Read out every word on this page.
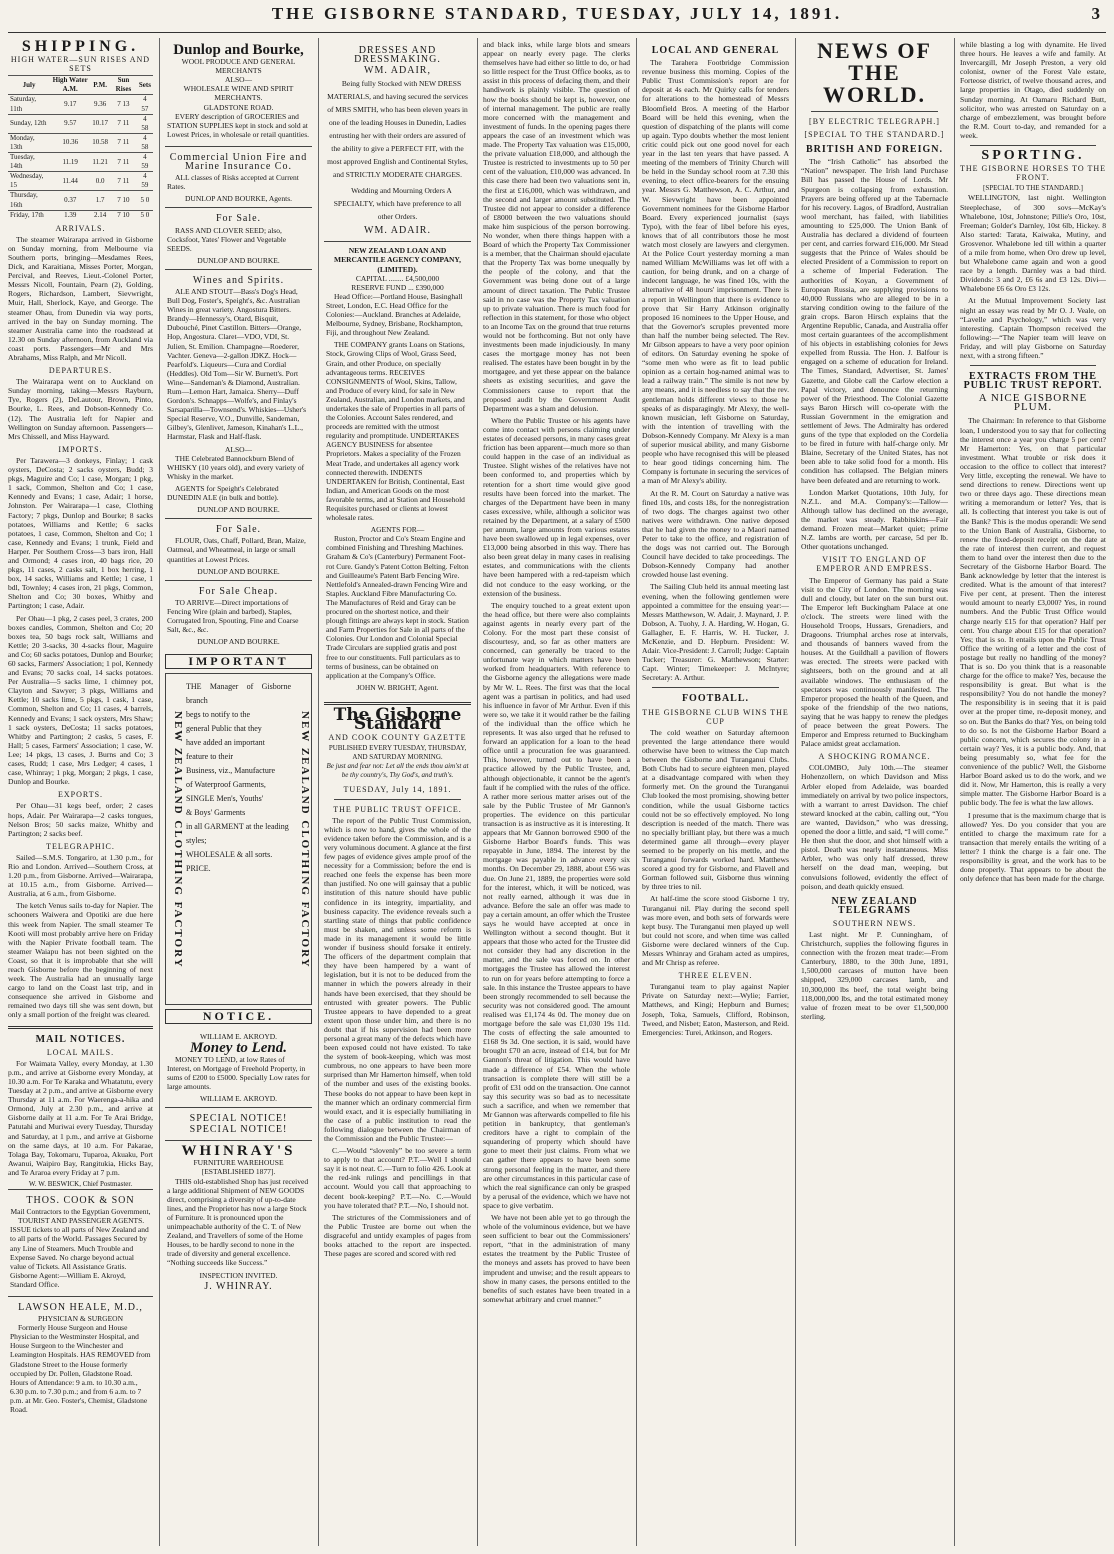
THE GISBORNE STANDARD, TUESDAY, JULY 14, 1891.	3
SHIPPING.
HIGH WATER—SUN RISES AND SETS
July	High Water A.M.	P.M.	Sun Rises	Sets
Saturday, 11th	9.17	9.36	7 13	4 57
Sunday, 12th	9.57	10.17	7 11	4 58
Monday, 13th	10.36	10.58	7 11	4 58
Tuesday, 14th	11.19	11.21	7 11	4 59
Wednesday, 15	11.44	0.0	7 11	4 59
Thursday, 16th	0.37	1.7	7 10	5 0
Friday, 17th	1.39	2.14	7 10	5 0
ARRIVALS.

The steamer Wairarapa arrived in Gisborne on Sunday morning, from Melbourne via Southern ports, bringing—Mesdames Rees, Dick, and Karaitiana, Misses Porter, Morgan, Percival, and Reeves, Lieut.-Colonel Porter, Messrs Nicoll, Fountain, Pearn (2), Golding, Rogers, Richardson, Lambert, Sievwright, Muir, Hall, Sherlock, Kaye, and George. The steamer Ohau, from Dunedin via way ports, arrived in the bay on Sunday morning. The steamer Australia came into the roadstead at 12.30 on Sunday afternoon, from Auckland via coast ports. Passengers—Mr and Mrs Abrahams, Miss Ralph, and Mr Nicoll.

DEPARTURES.

The Wairarapa went on to Auckland on Sunday morning, taking—Messrs Rayburn, Tye, Rogers (2), DeLautour, Brown, Pinto, Bourke, L. Rees, and Dobson-Kennedy Co. (12). The Australia left for Napier and Wellington on Sunday afternoon. Passengers—Mrs Chissell, and Miss Hayward.

IMPORTS.

Per Tarawera—3 donkeys, Finlay; 1 cask oysters, DeCosta; 2 sacks oysters, Budd; 3 pkgs, Maguire and Co; 1 case, Morgan; 1 pkg, 1 sack, Common, Shelton and Co; 1 case, Kennedy and Evans; 1 case, Adair; 1 horse, Johnston. Per Wairarapa—1 case, Clothing Factory; 7 pkgs, Dunlop and Bourke; 8 sacks potatoes, Williams and Kettle; 6 sacks potatoes, 1 case, Common, Shelton and Co; 1 case, Kennedy and Evans; 1 trunk, Field and Harper. Per Southern Cross—3 bars iron, Hall and Ormond; 4 cases iron, 40 bags rice, 20 pkgs, 11 cases, 2 casks salt, 1 box herring, 1 box, 14 sacks, Williams and Kettle; 1 case, 1 bdl, Townley; 4 cases iron, 21 pkgs, Common, Shelton and Co; 30 boxes, Whitby and Partington; 1 case, Adair.

Per Ohau—1 pkg, 2 cases peel, 3 crates, 200 boxes candles, Common, Shelton and Co; 20 boxes tea, 50 bags rock salt, Williams and Kettle; 20 3-sacks, 30 4-sacks flour, Maguire and Co; 60 sacks potatoes, Dunlop and Bourke; 60 sacks, Farmers' Association; 1 pol, Kennedy and Evans; 70 sacks coal, 14 sacks potatoes. Per Australia—5 sacks lime, 1 chimney pot, Clayton and Sawyer; 3 pkgs, Williams and Kettle; 10 sacks lime, 5 pkgs, 1 cask, 1 case, Common, Shelton and Co; 11 cases, 4 barrels, Kennedy and Evans; 1 sack oysters, Mrs Shaw; 1 sack oysters, DeCosta; 11 sacks potatoes, Whitby and Partington; 2 casks, 5 cases, F. Hall; 5 cases, Farmers' Association; 1 case, W. Lee; 14 pkgs, 13 cases, J. Burns and Co; 3 cases, Rudd; 1 case, Mrs Ledger; 4 cases, 1 case, Whinray; 1 pkg, Morgan; 2 pkgs, 1 case, Dunlop and Bourke.

EXPORTS.

Per Ohau—31 kegs beef, order; 2 cases hops, Adair. Per Wairarapa—2 casks tongues, Nelson Bros; 50 sacks maize, Whitby and Partington; 2 sacks beef.

TELEGRAPHIC.

Sailed—S.M.S. Tongariro, at 1.30 p.m., for Rio and London. Arrived—Southern Cross, at 1.20 p.m., from Gisborne. Arrived—Wairarapa, at 10.15 a.m., from Gisborne. Arrived—Australia, at 6 a.m., from Gisborne.

The ketch Venus sails to-day for Napier. The schooners Waiwera and Opotiki are due here this week from Napier. The small steamer Te Kooti will most probably arrive here on Friday with the Napier Private football team. The steamer Waiapu has not been sighted on the Coast, so that it is improbable that she will reach Gisborne before the beginning of next week. The Australia had an unusually large cargo to land on the Coast last trip, and in consequence she arrived in Gisborne and remained two days till she was sent down, but only a small portion of the freight was cleared.

MAIL NOTICES.
LOCAL MAILS.

For Waimata Valley, every Monday, at 1.30 p.m., and arrive at Gisborne every Monday, at 10.30 a.m. For Te Karaka and Whatatutu, every Tuesday at 2 p.m., and arrive at Gisborne every Thursday at 11 a.m. For Waerenga-a-hika and Ormond, July at 2.30 p.m., and arrive at Gisborne daily at 11 a.m. For Te Arai Bridge, Patutahi and Muriwai every Tuesday, Thursday and Saturday, at 1 p.m., and arrive at Gisborne on the same days, at 10 a.m. For Pakarae, Tolaga Bay, Tokomaru, Tuparoa, Akuaku, Port Awanui, Waipiro Bay, Rangitukia, Hicks Bay, and Te Araroa every Friday at 7 p.m.

W. W. BESWICK, Chief Postmaster.
THOS. COOK & SON
Mail Contractors to the Egyptian Government,

TOURIST AND PASSENGER AGENTS. ISSUE tickets to all parts of New Zealand and to all parts of the World. Passages Secured by any Line of Steamers. Much Trouble and Expense Saved. No charge beyond actual value of Tickets. All Assistance Gratis. Gisborne Agent:—William E. Akroyd, Standard Office.

LAWSON HEALE, M.D.,
PHYSICIAN & SURGEON

Formerly House Surgeon and House Physician to the Westminster Hospital, and House Surgeon to the Winchester and Leamington Hospitals. HAS REMOVED from Gladstone Street to the House formerly occupied by Dr. Pollen, Gladstone Road. Hours of Attendance: 9 a.m. to 10.30 a.m., 6.30 p.m. to 7.30 p.m.; and from 6 a.m. to 7 p.m. at Mr. Geo. Foster's, Chemist, Gladstone Road.

Dunlop and Bourke,
WOOL PRODUCE AND GENERAL MERCHANTS
ALSO—
WHOLESALE WINE AND SPIRIT MERCHANTS.
GLADSTONE ROAD.

EVERY description of GROCERIES and STATION SUPPLIES kept in stock and sold at Lowest Prices, in wholesale or retail quantities.

Commercial Union Fire and Marine Insurance Co.

ALL classes of Risks accepted at Current Rates.

DUNLOP AND BOURKE, Agents.
For Sale.

RASS AND CLOVER SEED; also, Cocksfoot, Yates' Flower and Vegetable SEEDS.

DUNLOP AND BOURKE.
Wines and Spirits.

ALE AND STOUT—Bass's Dog's Head, Bull Dog, Foster's, Speight's, &c. Australian Wines in great variety. Angostura Bitters. Brandy—Hennessy's, Otard, Bisquit, Dubouché, Pinet Castillon. Bitters—Orange, Hop, Angostura. Claret—VDO, VDI, St. Julien, St. Emilion. Champagne—Roederer, Vachter. Geneva—2-gallon JDKZ. Hock—Pearfold's. Liqueurs—Cura and Cordial (Heddles). Old Tom—Sir W. Burnett's. Port Wine—Sandeman's & Diamond, Australian. Rum—Lemon Hart, Jamaica. Sherry—Duff Gordon's. Schnapps—Wolfe's, and Finlay's Sarsaparilla—Townsend's. Whiskies—Usher's Special Reserve, V.O., Dunville, Sandeman, Gilbey's, Glenlivet, Jameson, Kinahan's L.L., Harmstar, Flask and Half-flask.

ALSO—

THE Celebrated Bannockburn Blend of WHISKY (10 years old), and every variety of Whisky in the market.

AGENTS for Speight's Celebrated DUNEDIN ALE (in bulk and bottle).

DUNLOP AND BOURKE.
For Sale.

FLOUR, Oats, Chaff, Pollard, Bran, Maize, Oatmeal, and Wheatmeal, in large or small quantities at Lowest Prices.

DUNLOP AND BOURKE.
For Sale Cheap.

TO ARRIVE—Direct importations of Fencing Wire (plain and barbed), Staples, Corrugated Iron, Spouting, Fine and Coarse Salt, &c., &c.

DUNLOP AND BOURKE.
IMPORTANT
NEW ZEALAND CLOTHING FACTORY
THE Manager of Gisborne branch
begs to notify to the
general Public that they
have added an important
feature to their
Business, viz., Manufacture
of Waterproof Garments,
SINGLE Men's, Youths'
& Boys' Garments
in all GARMENT at the leading
styles;
WHOLESALE & all sorts.
PRICE.	NEW ZEALAND CLOTHING FACTORY
NOTICE.
WILLIAM E. AKROYD.
Money to Lend.

MONEY TO LEND, at low Rates of Interest, on Mortgage of Freehold Property, in sums of £200 to £5000. Specially Low rates for large amounts.

WILLIAM E. AKROYD.
SPECIAL NOTICE!
SPECIAL NOTICE!
WHINRAY'S
FURNITURE WAREHOUSE
[ESTABLISHED 1877].

THIS old-established Shop has just received a large additional Shipment of NEW GOODS direct, comprising a diversity of up-to-date lines, and the Proprietor has now a large Stock of Furniture. It is pronounced upon the unimpeachable authority of the C. T. of New Zealand, and Travellers of some of the Home Houses, to be hardly second to none in the trade of diversity and general excellence. “Nothing succeeds like Success.”

INSPECTION INVITED.
J. WHINRAY.
DRESSES AND DRESSMAKING.
WM. ADAIR,

Being fully Stocked with NEW DRESS MATERIALS, and having secured the services of MRS SMITH, who has been eleven years in one of the leading Houses in Dunedin, Ladies entrusting her with their orders are assured of the ability to give a PERFECT FIT, with the most approved English and Continental Styles, and STRICTLY MODERATE CHARGES.

Wedding and Mourning Orders A SPECIALTY, which have preference to all other Orders.

WM. ADAIR.
NEW ZEALAND LOAN AND MERCANTILE AGENCY COMPANY, (LIMITED).
CAPITAL ........ £4,500,000
RESERVE FUND ... £390,000

Head Office:—Portland House, Basinghall Street, London, E.C. Head Office for the Colonies:—Auckland. Branches at Adelaide, Melbourne, Sydney, Brisbane, Rockhampton, Fiji, and throughout New Zealand.

THE COMPANY grants Loans on Stations, Stock, Growing Clips of Wool, Grass Seed, Grain, and other Produce, on specially advantageous terms. RECEIVES CONSIGNMENTS of Wool, Skins, Tallow, and Produce of every kind, for sale in New Zealand, Australian, and London markets, and undertakes the sale of Properties in all parts of the Colonies. Account Sales rendered, and proceeds are remitted with the utmost regularity and promptitude. UNDERTAKES AGENCY BUSINESS for absentee Proprietors. Makes a speciality of the Frozen Meat Trade, and undertakes all agency work connected therewith. INDENTS UNDERTAKEN for British, Continental, East Indian, and American Goods on the most favorable terms, and at Station and Household Requisites purchased or clients at lowest wholesale rates.

AGENTS FOR—

Ruston, Proctor and Co's Steam Engine and combined Finishing and Threshing Machines. Graham & Co's (Canterbury) Permanent Foot-rot Cure. Gandy's Patent Cotton Belting. Felton and Guilleaume's Patent Barb Fencing Wire. Nettlefold's Annealed-drawn Fencing Wire and Staples. Auckland Fibre Manufacturing Co. The Manufactures of Reid and Gray can be procured on the shortest notice, and their plough fittings are always kept in stock. Station and Farm Properties for Sale in all parts of the Colonies. Our London and Colonial Special Trade Circulars are supplied gratis and post free to our constituents. Full particulars as to terms of business, can be obtained on application at the Company's Office.

JOHN W. BRIGHT, Agent.
The Gisborne Standard
AND COOK COUNTY GAZETTE
PUBLISHED EVERY TUESDAY, THURSDAY, AND SATURDAY MORNING.
Be just and fear not: Let all the ends thou aim'st at be thy country's, Thy God's, and truth's.
TUESDAY, July 14, 1891.
THE PUBLIC TRUST OFFICE.

The report of the Public Trust Commission, which is now to hand, gives the whole of the evidence taken before the Commission, and is a very voluminous document. A glance at the first few pages of evidence gives ample proof of the necessity for a Commission; before the end is reached one feels the expense has been more than justified. No one will gainsay that a public institution of this nature should have public confidence in its integrity, impartiality, and business capacity. The evidence reveals such a startling state of things that public confidence must be shaken, and unless some reform is made in its management it would be little wonder if business should forsake it entirely. The officers of the department complain that they have been hampered by a want of legislation, but it is not to be deduced from the manner in which the powers already in their hands have been exercised, that they should be entrusted with greater powers. The Public Trustee appears to have depended to a great extent upon those under him, and there is no doubt that if his supervision had been more personal a great many of the defects which have been exposed could not have existed. To take the system of book-keeping, which was most cumbrous, no one appears to have been more surprised than Mr Hamerton himself, when told of the number and uses of the existing books. These books do not appear to have been kept in the manner which an ordinary commercial firm would exact, and it is especially humiliating in the case of a public institution to read the following dialogue between the Chairman of the Commission and the Public Trustee:—

C.—Would “slovenly” be too severe a term to apply to that account? P.T.—Well I should say it is not neat. C.—Turn to folio 426. Look at the red-ink rulings and pencillings in that account. Would you call that approaching to decent book-keeping? P.T.—No. C.—Would you have tolerated that? P.T.—No, I should not.

The strictures of the Commissioners and of the Public Trustee are borne out when the disgraceful and untidy examples of pages from books attached to the report are inspected. These pages are scored and scored with red

and black inks, while large blots and smears appear on nearly every page. The clerks themselves have had either so little to do, or had so little respect for the Trust Office books, as to assist in this process of defacing them, and their handiwork is plainly visible. The question of how the books should be kept is, however, one of internal management. The public are really more concerned with the management and investment of funds. In the opening pages there appears the case of an investment which was made. The Property Tax valuation was £15,000, the private valuation £18,000, and although the Trustee is restricted to investments up to 50 per cent of the valuation, £10,000 was advanced. In this case there had been two valuations sent in, the first at £16,000, which was withdrawn, and the second and larger amount substituted. The Trustee did not appear to consider a difference of £8000 between the two valuations should make him suspicious of the person borrowing. No wonder, when there things happen with a Board of which the Property Tax Commissioner is a member, that the Chairman should ejaculate that the Property Tax was borne unequally by the people of the colony, and that the Government was being done out of a large amount of direct taxation. The Public Trustee said in no case was the Property Tax valuation up to private valuation. There is much food for reflection in this statement, for those who object to an Income Tax on the ground that true returns would not be forthcoming. But not only have investments been made injudiciously. In many cases the mortgage money has not been realised. The estates have been bought in by the mortgagee, and yet these appear on the balance sheets as existing securities, and gave the Commissioners cause to report that the proposed audit by the Government Audit Department was a sham and delusion.

Where the Public Trustee or his agents have come into contact with persons claiming under estates of deceased persons, in many cases great friction has been apparent—much more so than could happen in the case of an individual as Trustee. Slight wishes of the relatives have not been conformed to, and properties which by retention for a short time would give good results have been forced into the market. The charges of the Department have been in many cases excessive, while, although a solicitor was retained by the Department, at a salary of £500 per annum, large amounts from various estates have been swallowed up in legal expenses, over £13,000 being absorbed in this way. There has also been great delay in many cases in realising estates, and communications with the clients have been hampered with a red-tapeism which did not conduce to the easy working, or the extension of the business.

The enquiry touched to a great extent upon the head office, but there were also complaints against agents in nearly every part of the Colony. For the most part these consist of discourtesy, and, so far as other matters are concerned, can generally be traced to the unfortunate way in which matters have been worked from headquarters. With reference to the Gisborne agency the allegations were made by Mr W. L. Rees. The first was that the local agent was a partisan in politics, and had used his influence in favor of Mr Arthur. Even if this were so, we take it it would rather be the failing of the individual than the office which he represents. It was also urged that he refused to forward an application for a loan to the head office until a procuration fee was guaranteed. This, however, turned out to have been a practice allowed by the Public Trustee, and, although objectionable, it cannot be the agent's fault if he complied with the rules of the office. A rather more serious matter arises out of the sale by the Public Trustee of Mr Gannon's properties. The evidence on this particular transaction is as instructive as it is interesting. It appears that Mr Gannon borrowed £900 of the Gisborne Harbor Board's funds. This was repayable in June, 1894. The interest by the mortgage was payable in advance every six months. On December 29, 1888, about £56 was due. On June 21, 1889, the properties were sold for the interest, which, it will be noticed, was not really earned, although it was due in advance. Before the sale an offer was made to pay a certain amount, an offer which the Trustee says he would have accepted at once in Wellington without a second thought. But it appears that those who acted for the Trustee did not consider they had any discretion in the matter, and the sale was forced on. In other mortgages the Trustee has allowed the interest to run on for years before attempting to force a sale. In this instance the Trustee appears to have been strongly recommended to sell because the security was not considered good. The amount realised was £1,174 4s 0d. The money due on mortgage before the sale was £1,030 19s 11d. The costs of effecting the sale amounted to £168 9s 3d. One section, it is said, would have brought £70 an acre, instead of £14, but for Mr Gannon's threat of litigation. This would have made a difference of £54. When the whole transaction is complete there will still be a profit of £31 odd on the transaction. One cannot say this security was so bad as to necessitate such a sacrifice, and when we remember that Mr Gannon was afterwards compelled to file his petition in bankruptcy, that gentleman's creditors have a right to complain of the squandering of property which should have gone to meet their just claims. From what we can gather there appears to have been some strong personal feeling in the matter, and there are other circumstances in this particular case of which the real significance can only be grasped by a perusal of the evidence, which we have not space to give verbatim.

We have not been able yet to go through the whole of the voluminous evidence, but we have seen sufficient to bear out the Commissioners' report, “that in the administration of many estates the treatment by the Public Trustee of the moneys and assets has proved to have been imprudent and unwise; and the result appears to show in many cases, the persons entitled to the benefits of such estates have been treated in a somewhat arbitrary and cruel manner.”

LOCAL AND GENERAL

The Tarahera Footbridge Commission revenue business this morning. Copies of the Public Trust Commission's report are for deposit at 4s each. Mr Quirky calls for tenders for alterations to the homestead of Messrs Bloomfield Bros. A meeting of the Harbor Board will be held this evening, when the question of dispatching of the plants will come up again. Typo doubts whether the most lenient critic could pick out one good novel for each year in the last ten years that have passed. A meeting of the members of Trinity Church will be held in the Sunday school room at 7.30 this evening, to elect office-bearers for the ensuing year. Messrs G. Matthewson, A. C. Arthur, and W. Sievwright have been appointed Government nominees for the Gisborne Harbor Board. Every experienced journalist (says Typo), with the fear of libel before his eyes, knows that of all contributors those he most watch most closely are lawyers and clergymen. At the Police Court yesterday morning a man named William McWilliams was let off with a caution, for being drunk, and on a charge of indecent language, he was fined 10s, with the alternative of 48 hours' imprisonment. There is a report in Wellington that there is evidence to prove that Sir Harry Atkinson originally proposed 16 nominees to the Upper House, and that the Governor's scruples prevented more than half the number being selected. The Rev. Mr Gibson appears to have a very poor opinion of editors. On Saturday evening he spoke of “some men who were as fit to lead public opinion as a certain hog-named animal was to lead a railway train.” The simile is not new by any means, and it is needless to say that the rev. gentleman holds different views to those he speaks of as disparagingly. Mr Alexy, the well-known musician, left Gisborne on Saturday, with the intention of travelling with the Dobson-Kennedy Company. Mr Alexy is a man of superior musical ability, and many Gisborne people who have recognised this will be pleased to hear good tidings concerning him. The Company is fortunate in securing the services of a man of Mr Alexy's ability.

At the R. M. Court on Saturday a native was fined 10s, and costs 18s, for the nonregistration of two dogs. The charges against two other natives were withdrawn. One native deposed that he had given the money to a Maori named Peter to take to the office, and registration of the dogs was not carried out. The Borough Council have decided to take proceedings. The Dobson-Kennedy Company had another crowded house last evening.

The Sailing Club held its annual meeting last evening, when the following gentlemen were appointed a committee for the ensuing year:—Messrs Matthewson, W. Adair, J. Maynard, J. P. Dobson, A. Tuohy, J. A. Harding, W. Hogan, G. Gallagher, E. F. Harris, W. H. Tucker, J. McKenzie, and D. Hepburn. President: W. Adair. Vice-President: J. Carroll; Judge: Captain Tucker; Treasurer: G. Matthewson; Starter: Capt. Winter; Timekeeper: J. McIntyre; Secretary: A. Arthur.

FOOTBALL.
THE GISBORNE CLUB WINS THE CUP

The cold weather on Saturday afternoon prevented the large attendance there would otherwise have been to witness the Cup match between the Gisborne and Turanganui Clubs. Both Clubs had to secure eighteen men, played at a disadvantage compared with when they formerly met. On the ground the Turanganui Club looked the most promising, showing better condition, while the usual Gisborne tactics could not be so effectively employed. No long description is needed of the match. There was no specially brilliant play, but there was a much determined game all through—every player seemed to be properly on his mettle, and the Turanganui forwards worked hard. Matthews scored a good try for Gisborne, and Flavell and Gorman followed suit, Gisborne thus winning by three tries to nil.

At half-time the score stood Gisborne 1 try, Turanganui nil. Play during the second spell was more even, and both sets of forwards were kept busy. The Turanganui men played up well but could not score, and when time was called Gisborne were declared winners of the Cup. Messrs Whinray and Graham acted as umpires, and Mr Chrisp as referee.

THREE ELEVEN.

Turanganui team to play against Napier Private on Saturday next:—Wylie; Farrier, Matthews, and Kingi; Hepburn and Burnes; Joseph, Toka, Samuels, Clifford, Robinson, Tweed, and Nisbet; Eaton, Masterson, and Reid. Emergencies: Turei, Atkinson, and Rogers.

NEWS OF THE WORLD.
[BY ELECTRIC TELEGRAPH.]
[SPECIAL TO THE STANDARD.]
BRITISH AND FOREIGN.

The “Irish Catholic” has absorbed the “Nation” newspaper. The Irish land Purchase Bill has passed the House of Lords. Mr Spurgeon is collapsing from exhaustion. Prayers are being offered up at the Tabernacle for his recovery. Lagos, of Bradford, Australian wool merchant, has failed, with liabilities amounting to £25,000. The Union Bank of Australia has declared a dividend of fourteen per cent, and carries forward £16,000. Mr Stead suggests that the Prince of Wales should be elected President of a Commission to report on a scheme of Imperial Federation. The authorities of Koyan, a Government of European Russia, are supplying provisions to 40,000 Russians who are alleged to be in a starving condition owing to the failure of the grain crops. Baron Hirsch explains that the Argentine Republic, Canada, and Australia offer most certain guarantees of the accomplishment of his objects in establishing colonies for Jews expelled from Russia. The Hon. J. Balfour is engaged on a scheme of education for Ireland. The Times, Standard, Advertiser, St. James' Gazette, and Globe call the Carlow election a Papal victory, and denounce the returning power of the Priesthood. The Colonial Gazette says Baron Hirsch will co-operate with the Russian Government in the emigration and settlement of Jews. The Admiralty has ordered guns of the type that exploded on the Cordelia to be fired in future with half-charge only. Mr Blaine, Secretary of the United States, has not been able to take solid food for a month. His condition has collapsed. The Belgian miners have been defeated and are returning to work.

London Market Quotations, 10th July, for N.Z.L. and M.A. Company's:—Tallow—Although tallow has declined on the average, the market was steady. Rabbitskins—Fair demand. Frozen meat—Market quiet; prime N.Z. lambs are worth, per carcase, 5d per lb. Other quotations unchanged.

VISIT TO ENGLAND OF EMPEROR AND EMPRESS.

The Emperor of Germany has paid a State visit to the City of London. The morning was dull and cloudy, but later on the sun burst out. The Emperor left Buckingham Palace at one o'clock. The streets were lined with the Household Troops, Hussars, Grenadiers, and Dragoons. Triumphal arches rose at intervals, and thousands of banners waved from the houses. At the Guildhall a pavilion of flowers was erected. The streets were packed with sightseers, both on the ground and at all available windows. The enthusiasm of the spectators was continuously manifested. The Emperor proposed the health of the Queen, and spoke of the friendship of the two nations, saying that he was happy to renew the pledges of peace between the great Powers. The Emperor and Empress returned to Buckingham Palace amidst great acclamation.

A SHOCKING ROMANCE.

COLOMBO, July 10th.—The steamer Hohenzollern, on which Davidson and Miss Arbler eloped from Adelaide, was boarded immediately on arrival by two police inspectors, with a warrant to arrest Davidson. The chief steward knocked at the cabin, calling out, “You are wanted, Davidson,” who was dressing, opened the door a little, and said, “I will come.” He then shut the door, and shot himself with a pistol. Death was nearly instantaneous. Miss Arbler, who was only half dressed, threw herself on the dead man, weeping, but convulsions followed, evidently the effect of poison, and death quickly ensued.

NEW ZEALAND TELEGRAMS
SOUTHERN NEWS.

Last night. Mr P. Cunningham, of Christchurch, supplies the following figures in connection with the frozen meat trade:—From Canterbury, 1880, to the 30th June, 1891, 1,500,000 carcases of mutton have been shipped, 329,000 carcases lamb, and 10,300,000 lbs beef, the total weight being 118,000,000 lbs, and the total estimated money value of frozen meat to be over £1,500,000 sterling.

while blasting a log with dynamite. He lived three hours. He leaves a wife and family. At Invercargill, Mr Joseph Preston, a very old colonist, owner of the Forest Vale estate, Forteose district, of twelve thousand acres, and large properties in Otago, died suddenly on Sunday morning. At Oamaru Richard Butt, solicitor, who was arrested on Saturday on a charge of embezzlement, was brought before the R.M. Court to-day, and remanded for a week.

SPORTING.
THE GISBORNE HORSES TO THE FRONT.
[SPECIAL TO THE STANDARD.]

WELLINGTON, last night. Wellington Steeplechase, of 300 sovs—McKay's Whalebone, 10st, Johnstone; Pillie's Oro, 10st, Freeman; Golder's Darnley, 10st 6lb, Hickey. 8 Also started: Tarata, Kaiwaka, Mutiny, and Grosvenor. Whalebone led till within a quarter of a mile from home, when Oro drew up level, but Whalebone came again and won a good race by a length. Darnley was a bad third. Dividends: 3 and 2, £6 6s and £3 12s. Divi—Whalebone £6 6s Oro £3 12s.

At the Mutual Improvement Society last night an essay was read by Mr O. J. Veale, on “Lavelle and Psychology,” which was very interesting. Captain Thompson received the following:—“The Napier team will leave on Friday, and will play Gisborne on Saturday next, with a strong fifteen.”

EXTRACTS FROM THE PUBLIC TRUST REPORT.
A NICE GISBORNE PLUM.

The Chairman: In reference to that Gisborne loan, I understood you to say that for collecting the interest once a year you charge 5 per cent? Mr Hamerton: Yes, on that particular investment. What trouble or risk does it occasion to the office to collect that interest? Very little, excepting the renewal. We have to send directions to renew. Directions went up two or three days ago. These directions mean writing a memorandum or letter? Yes, that is all. Is collecting that interest you take is out of the Bank? This is the modus operandi: We send to the Union Bank of Australia, Gisborne, to renew the fixed-deposit receipt on the date at the rate of interest then current, and request them to hand over the interest then due to the Secretary of the Gisborne Harbor Board. The Bank acknowledge by letter that the interest is credited. What is the amount of that interest? Five per cent, at present. Then the interest would amount to nearly £3,000? Yes, in round numbers. And the Public Trust Office would charge nearly £15 for that operation? Half per cent. You charge about £15 for that operation? Yes; that is so. It entails upon the Public Trust Office the writing of a letter and the cost of postage but really no handling of the money? That is so. Do you think that is a reasonable charge for the office to make? Yes, because the responsibility is great. But what is the responsibility? You do not handle the money? The responsibility is in seeing that it is paid over at the proper time, re-deposit money, and so on. But the Banks do that? Yes, on being told to do so. Is not the Gisborne Harbor Board a public concern, which secures the colony in a certain way? Yes, it is a public body. And, that being presumably so, what fee for the convenience of the public? Well, the Gisborne Harbor Board asked us to do the work, and we did it. Now, Mr Hamerton, this is really a very simple matter. The Gisborne Harbor Board is a public body. The fee is what the law allows.

I presume that is the maximum charge that is allowed? Yes. Do you consider that you are entitled to charge the maximum rate for a transaction that merely entails the writing of a letter? I think the charge is a fair one. The responsibility is great, and the work has to be done properly. That appears to be about the only defence that has been made for the charge.
